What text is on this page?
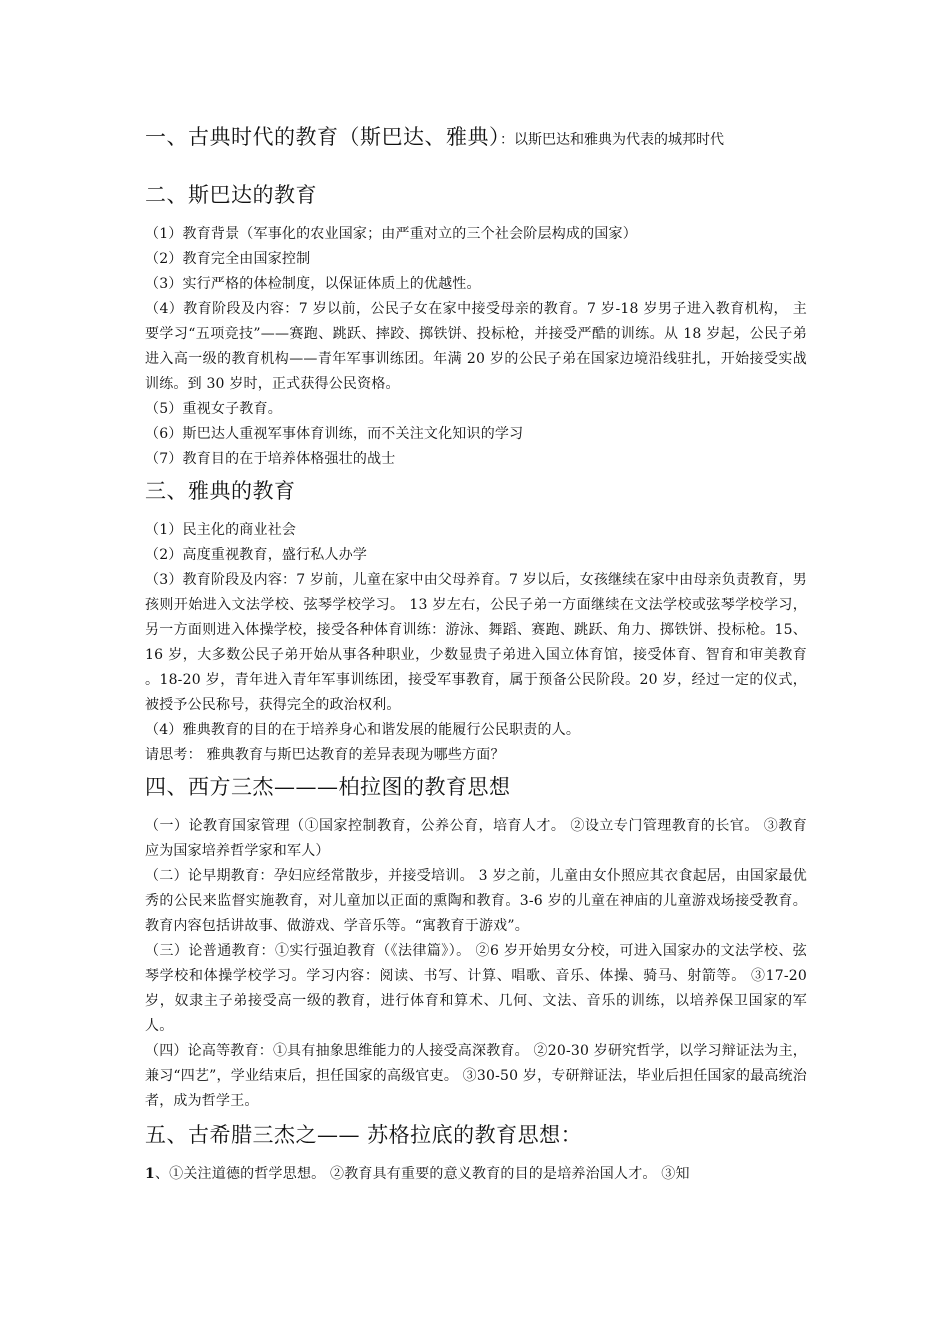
一、古典时代的教育（斯巴达、雅典）：以斯巴达和雅典为代表的城邦时代
二、斯巴达的教育

（1）教育背景（军事化的农业国家；由严重对立的三个社会阶层构成的国家）

（2）教育完全由国家控制

（3）实行严格的体检制度，以保证体质上的优越性。

（4）教育阶段及内容：7 岁以前，公民子女在家中接受母亲的教育。7 岁-18 岁男子进入教育机构， 主要学习“五项竞技”——赛跑、跳跃、摔跤、掷铁饼、投标枪，并接受严酷的训练。从 18 岁起，公民子弟进入高一级的教育机构——青年军事训练团。年满 20 岁的公民子弟在国家边境沿线驻扎，开始接受实战训练。到 30 岁时，正式获得公民资格。

（5）重视女子教育。

（6）斯巴达人重视军事体育训练，而不关注文化知识的学习

（7）教育目的在于培养体格强壮的战士

三、雅典的教育

（1）民主化的商业社会

（2）高度重视教育，盛行私人办学

（3）教育阶段及内容：7 岁前，儿童在家中由父母养育。7 岁以后，女孩继续在家中由母亲负责教育，男孩则开始进入文法学校、弦琴学校学习。 13 岁左右，公民子弟一方面继续在文法学校或弦琴学校学习，另一方面则进入体操学校，接受各种体育训练：游泳、舞蹈、赛跑、跳跃、角力、掷铁饼、投标枪。15、16 岁，大多数公民子弟开始从事各种职业，少数显贵子弟进入国立体育馆，接受体育、智育和审美教育 。18-20 岁，青年进入青年军事训练团，接受军事教育，属于预备公民阶段。20 岁，经过一定的仪式，被授予公民称号，获得完全的政治权利。

（4）雅典教育的目的在于培养身心和谐发展的能履行公民职责的人。

请思考： 雅典教育与斯巴达教育的差异表现为哪些方面？

四、西方三杰———柏拉图的教育思想

（一）论教育国家管理（①国家控制教育，公养公育，培育人才。 ②设立专门管理教育的长官。 ③教育应为国家培养哲学家和军人）

（二）论早期教育：孕妇应经常散步，并接受培训。 3 岁之前，儿童由女仆照应其衣食起居，由国家最优秀的公民来监督实施教育，对儿童加以正面的熏陶和教育。3-6 岁的儿童在神庙的儿童游戏场接受教育。 教育内容包括讲故事、做游戏、学音乐等。“寓教育于游戏”。

（三）论普通教育：①实行强迫教育（《法律篇》）。 ②6 岁开始男女分校，可进入国家办的文法学校、弦琴学校和体操学校学习。学习内容：阅读、书写、计算、唱歌、音乐、体操、骑马、射箭等。 ③17-20 岁，奴隶主子弟接受高一级的教育，进行体育和算术、几何、文法、音乐的训练，以培养保卫国家的军人。

（四）论高等教育：①具有抽象思维能力的人接受高深教育。 ②20-30 岁研究哲学，以学习辩证法为主，兼习“四艺”，学业结束后，担任国家的高级官吏。 ③30-50 岁，专研辩证法，毕业后担任国家的最高统治者，成为哲学王。

五、古希腊三杰之—— 苏格拉底的教育思想：

1、①关注道德的哲学思想。 ②教育具有重要的意义教育的目的是培养治国人才。 ③知
